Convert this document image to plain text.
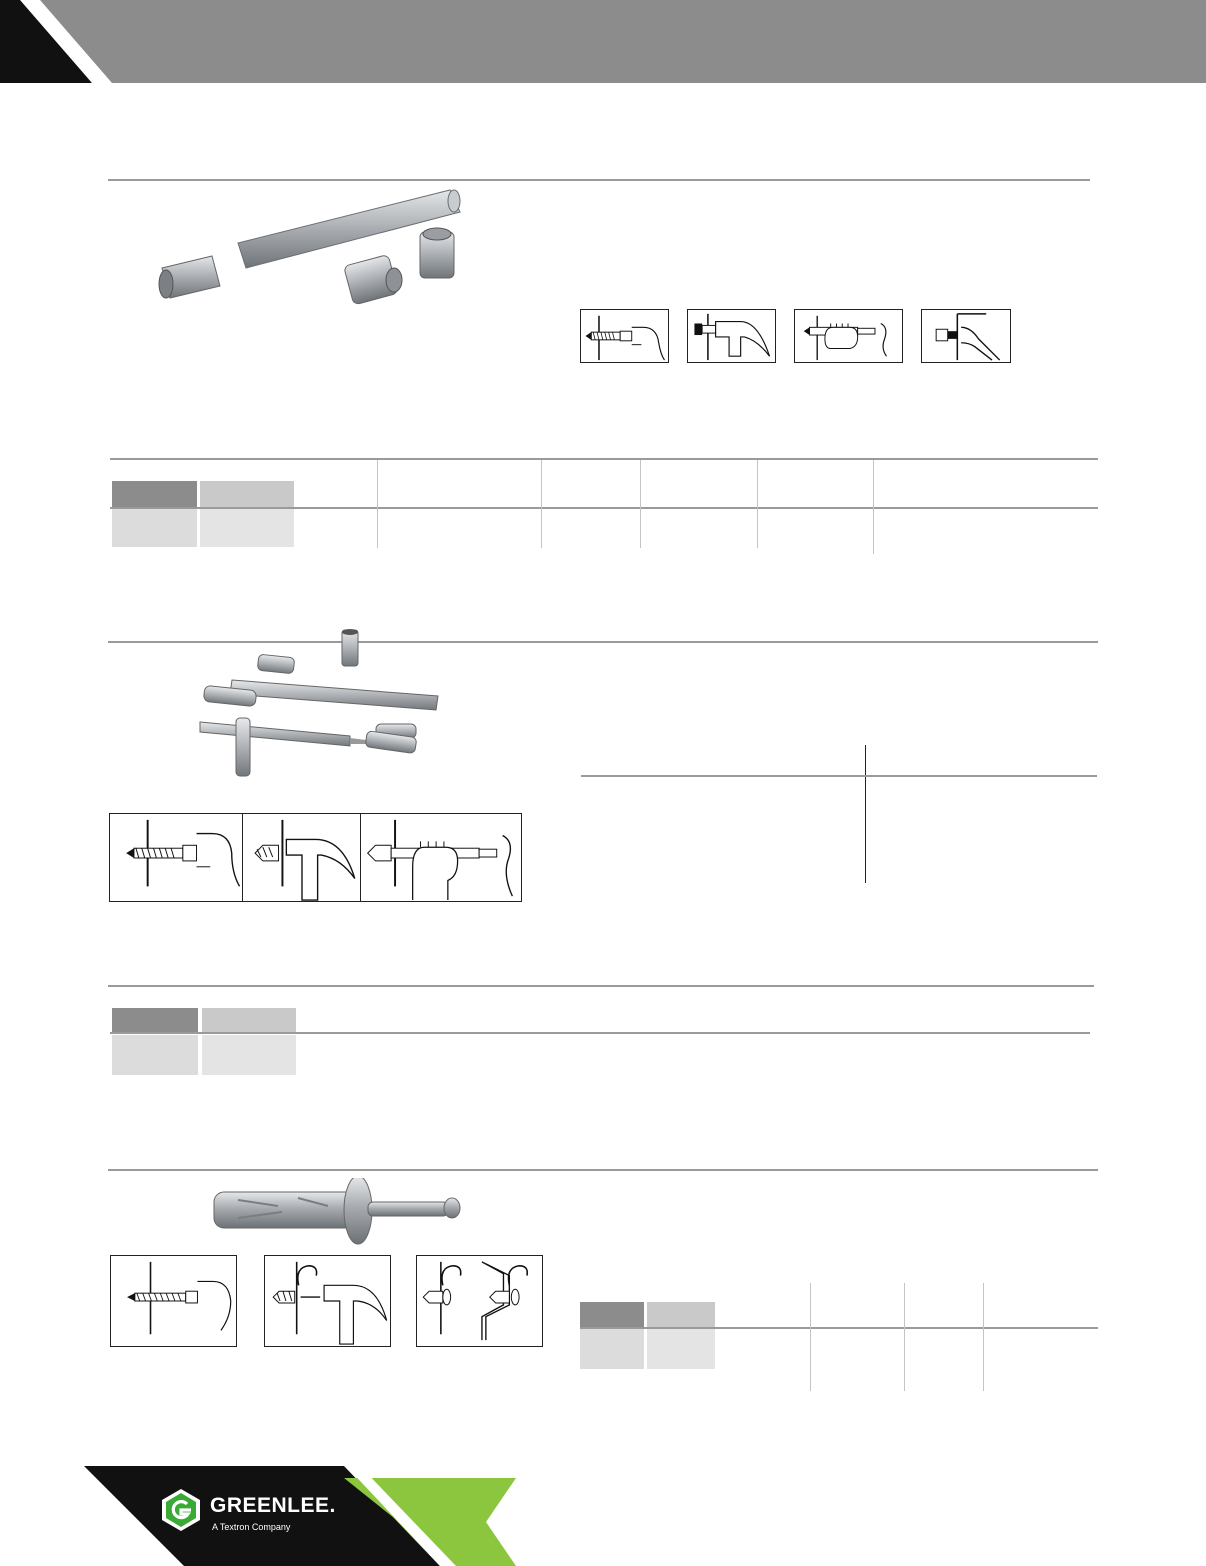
GREENLEE.
A Textron Company
